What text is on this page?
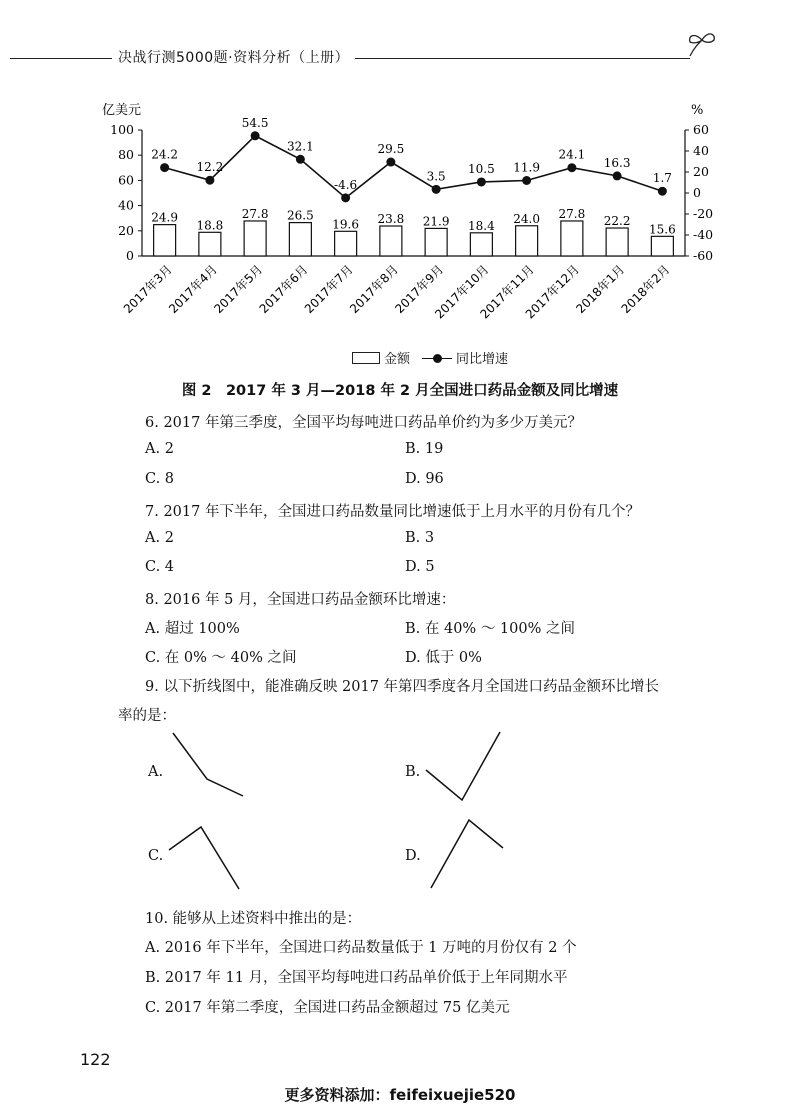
决战行测5000题·资料分析（上册）
0
20
40
60
80
100	60
40
20
0
-20
-40
-60
亿美元	%
24.9
18.8
27.8 26.5
19.6 23.8 21.9 18.4
24.0 27.8
22.2
15.6
24.2
12.2
54.5
32.1
-4.6
29.5
3.5
10.5 11.9
24.1
16.3
1.7
2017年3月
2017年4月
2017年5月
2017年6月
2017年7月
2017年8月
2017年9月
2017年10月
2017年11月
2017年12月
2018年1月
2018年2月
金额	同比增速
图 2　2017 年 3 月—2018 年 2 月全国进口药品金额及同比增速
6. 2017 年第三季度，全国平均每吨进口药品单价约为多少万美元？
A. 2	B. 19
C. 8	D. 96
7. 2017 年下半年，全国进口药品数量同比增速低于上月水平的月份有几个？
A. 2	B. 3
C. 4	D. 5
8. 2016 年 5 月，全国进口药品金额环比增速：
A. 超过 100%	B. 在 40% ～ 100% 之间
C. 在 0% ～ 40% 之间	D. 低于 0%
9. 以下折线图中，能准确反映 2017 年第四季度各月全国进口药品金额环比增长
率的是：
A.	B.
C.	D.
10. 能够从上述资料中推出的是：
A. 2016 年下半年，全国进口药品数量低于 1 万吨的月份仅有 2 个
B. 2017 年 11 月，全国平均每吨进口药品单价低于上年同期水平
C. 2017 年第二季度，全国进口药品金额超过 75 亿美元
122
更多资料添加：feifeixuejie520
